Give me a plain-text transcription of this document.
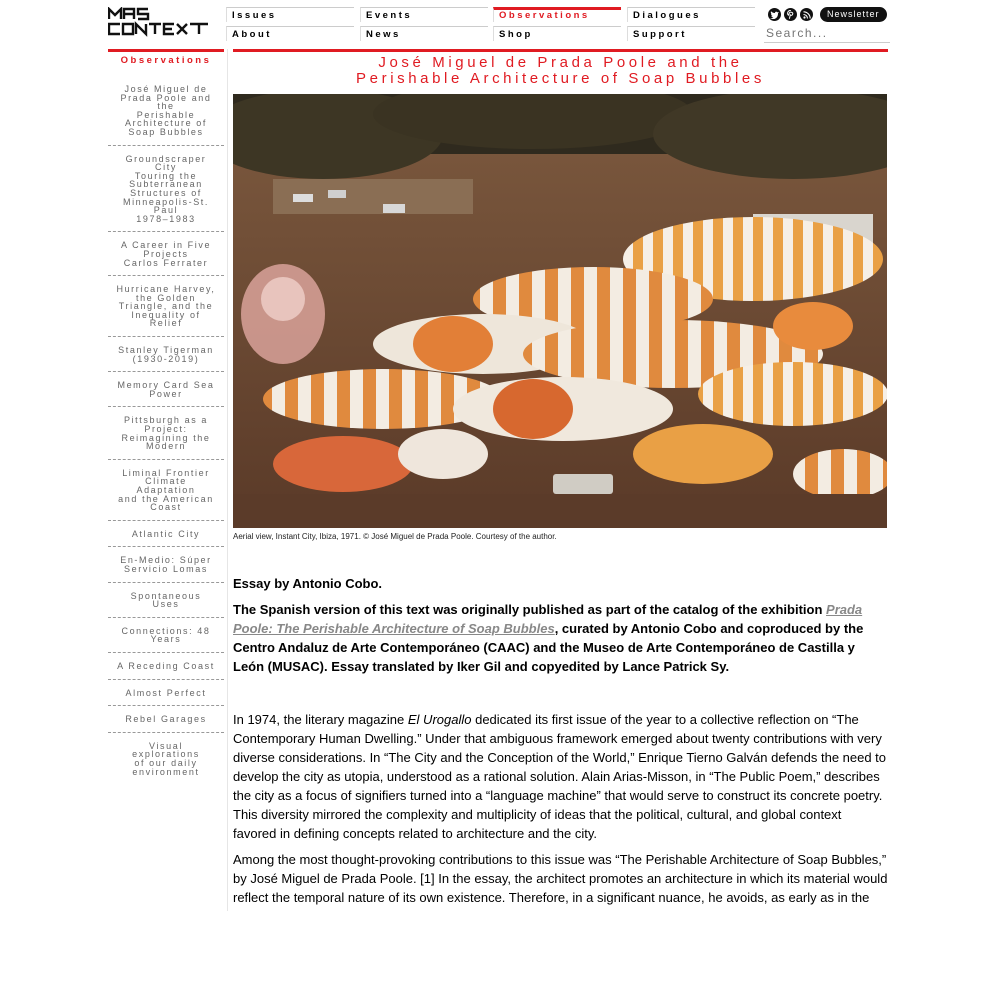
Issues
About
Events
News
Observations
Shop
Dialogues
Support
Newsletter
Search...
Observations
José Miguel de
Prada Poole and
the
Perishable
Architecture of
Soap Bubbles
Groundscraper City
Touring the
Subterranean
Structures of
Minneapolis-St.
Paul
1978–1983
A Career in Five
Projects
Carlos Ferrater
Hurricane Harvey,
the Golden
Triangle, and the
Inequality of Relief
Stanley Tigerman
(1930-2019)
Memory Card Sea
Power
Pittsburgh as a
Project:
Reimagining the
Modern
Liminal Frontier
Climate Adaptation
and the American
Coast
Atlantic City
En-Medio: Súper
Servicio Lomas
Spontaneous Uses
Connections: 48
Years
A Receding Coast
Almost Perfect
Rebel Garages
Visual explorations
of our daily
environment
José Miguel de Prada Poole and the
Perishable Architecture of Soap Bubbles
Aerial view, Instant City, Ibiza, 1971. © José Miguel de Prada Poole. Courtesy of the author.

Essay by Antonio Cobo.

The Spanish version of this text was originally published as part of the catalog of the exhibition Prada Poole: The Perishable Architecture of Soap Bubbles, curated by Antonio Cobo and coproduced by the Centro Andaluz de Arte Contemporáneo (CAAC) and the Museo de Arte Contemporáneo de Castilla y León (MUSAC). Essay translated by Iker Gil and copyedited by Lance Patrick Sy.

In 1974, the literary magazine El Urogallo dedicated its first issue of the year to a collective reflection on “The Contemporary Human Dwelling.” Under that ambiguous framework emerged about twenty contributions with very diverse considerations. In “The City and the Conception of the World,” Enrique Tierno Galván defends the need to develop the city as utopia, understood as a rational solution. Alain Arias-Misson, in “The Public Poem,” describes the city as a focus of signifiers turned into a “language machine” that would serve to construct its concrete poetry. This diversity mirrored the complexity and multiplicity of ideas that the political, cultural, and global context favored in defining concepts related to architecture and the city.

Among the most thought-provoking contributions to this issue was “The Perishable Architecture of Soap Bubbles,” by José Miguel de Prada Poole. [1] In the essay, the architect promotes an architecture in which its material would reflect the temporal nature of its own existence. Therefore, in a significant nuance, he avoids, as early as in the
